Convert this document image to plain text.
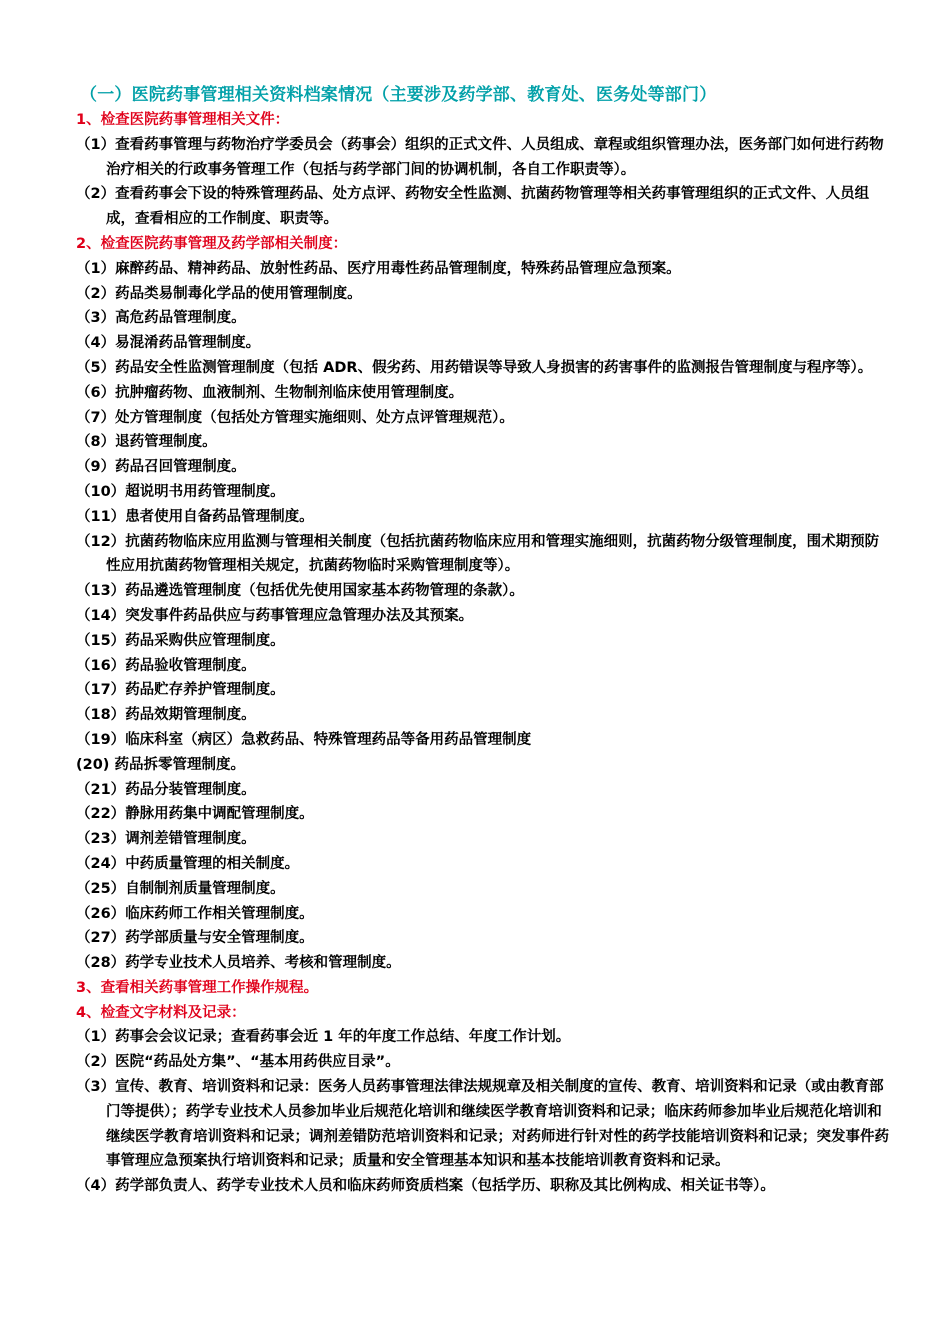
（一）医院药事管理相关资料档案情况（主要涉及药学部、教育处、医务处等部门）
1、检查医院药事管理相关文件：
（1）查看药事管理与药物治疗学委员会（药事会）组织的正式文件、人员组成、章程或组织管理办法，医务部门如何进行药物治疗相关的行政事务管理工作（包括与药学部门间的协调机制，各自工作职责等）。
（2）查看药事会下设的特殊管理药品、处方点评、药物安全性监测、抗菌药物管理等相关药事管理组织的正式文件、人员组成，查看相应的工作制度、职责等。
2、检查医院药事管理及药学部相关制度：
（1）麻醉药品、精神药品、放射性药品、医疗用毒性药品管理制度，特殊药品管理应急预案。
（2）药品类易制毒化学品的使用管理制度。
（3）高危药品管理制度。
（4）易混淆药品管理制度。
（5）药品安全性监测管理制度（包括 ADR、假劣药、用药错误等导致人身损害的药害事件的监测报告管理制度与程序等）。
（6）抗肿瘤药物、血液制剂、生物制剂临床使用管理制度。
（7）处方管理制度（包括处方管理实施细则、处方点评管理规范）。
（8）退药管理制度。
（9）药品召回管理制度。
（10）超说明书用药管理制度。
（11）患者使用自备药品管理制度。
（12）抗菌药物临床应用监测与管理相关制度（包括抗菌药物临床应用和管理实施细则，抗菌药物分级管理制度，围术期预防性应用抗菌药物管理相关规定，抗菌药物临时采购管理制度等）。
（13）药品遴选管理制度（包括优先使用国家基本药物管理的条款）。
（14）突发事件药品供应与药事管理应急管理办法及其预案。
（15）药品采购供应管理制度。
（16）药品验收管理制度。
（17）药品贮存养护管理制度。
（18）药品效期管理制度。
（19）临床科室（病区）急救药品、特殊管理药品等备用药品管理制度
(20) 药品拆零管理制度。
（21）药品分装管理制度。
（22）静脉用药集中调配管理制度。
（23）调剂差错管理制度。
（24）中药质量管理的相关制度。
（25）自制制剂质量管理制度。
（26）临床药师工作相关管理制度。
（27）药学部质量与安全管理制度。
（28）药学专业技术人员培养、考核和管理制度。
3、查看相关药事管理工作操作规程。
4、检查文字材料及记录：
（1）药事会会议记录；查看药事会近 1 年的年度工作总结、年度工作计划。
（2）医院“药品处方集”、“基本用药供应目录”。
（3）宣传、教育、培训资料和记录：医务人员药事管理法律法规规章及相关制度的宣传、教育、培训资料和记录（或由教育部门等提供）；药学专业技术人员参加毕业后规范化培训和继续医学教育培训资料和记录；临床药师参加毕业后规范化培训和继续医学教育培训资料和记录；调剂差错防范培训资料和记录；对药师进行针对性的药学技能培训资料和记录；突发事件药事管理应急预案执行培训资料和记录；质量和安全管理基本知识和基本技能培训教育资料和记录。
（4）药学部负责人、药学专业技术人员和临床药师资质档案（包括学历、职称及其比例构成、相关证书等）。
